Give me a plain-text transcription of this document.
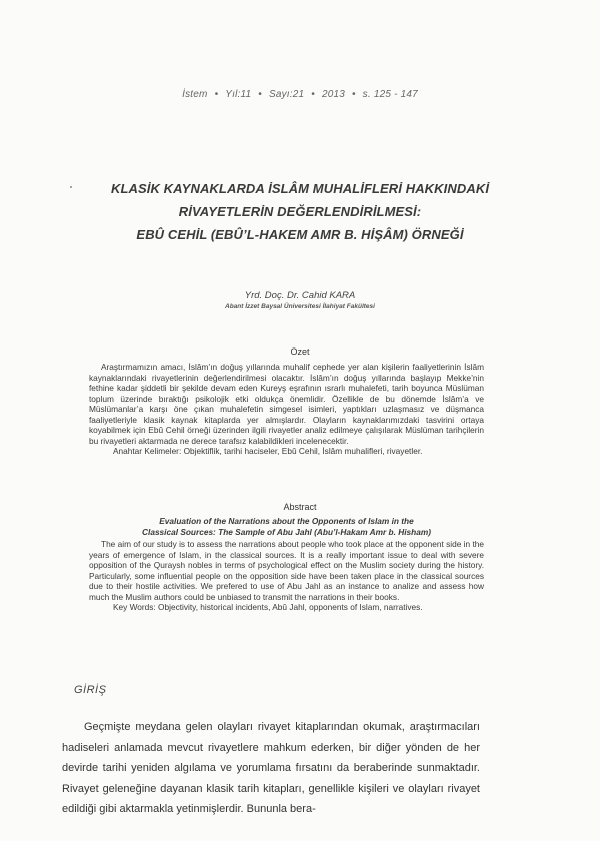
İstem • Yıl:11 • Sayı:21 • 2013 • s. 125 - 147
KLASİK KAYNAKLARDA İSLÂM MUHALİFLERİ HAKKINDAKİ
RİVAYETLERİN DEĞERLENDİRİLMESİ:
EBÛ CEHİL (EBÛ’L-HAKEM AMR B. HİŞÂM) ÖRNEĞİ
Yrd. Doç. Dr. Cahid KARA
Abant İzzet Baysal Üniversitesi İlahiyat Fakültesi
Özet

Araştırmamızın amacı, İslâm’ın doğuş yıllarında muhalif cephede yer alan kişilerin faaliyetlerinin İslâm kaynaklarındaki rivayetlerinin değerlendirilmesi olacaktır. İslâm’ın doğuş yıllarında başlayıp Mekke’nin fethine kadar şiddetli bir şekilde devam eden Kureyş eşrafının ısrarlı muhalefeti, tarih boyunca Müslüman toplum üzerinde bıraktığı psikolojik etki oldukça önemlidir. Özellikle de bu dönemde İslâm’a ve Müslümanlar’a karşı öne çıkan muhalefetin simgesel isimleri, yaptıkları uzlaşmasız ve düşmanca faaliyetleriyle klasik kaynak kitaplarda yer almışlardır. Olayların kaynaklarımızdaki tasvirini ortaya koyabilmek için Ebû Cehil örneği üzerinden ilgili rivayetler analiz edilmeye çalışılarak Müslüman tarihçilerin bu rivayetleri aktarmada ne derece tarafsız kalabildikleri incelenecektir.

Anahtar Kelimeler: Objektiflik, tarihi haciseler, Ebû Cehil, İslâm muhalifleri, rivayetler.

Abstract
Evaluation of the Narrations about the Opponents of Islam in the
Classical Sources: The Sample of Abu Jahl (Abu’l-Hakam Amr b. Hisham)

The aim of our study is to assess the narrations about people who took place at the opponent side in the years of emergence of Islam, in the classical sources. It is a really important issue to deal with severe opposition of the Quraysh nobles in terms of psychological effect on the Muslim society during the history. Particularly, some influential people on the opposition side have been taken place in the classical sources due to their hostile activities. We prefered to use of Abu Jahl as an instance to analize and assess how much the Muslim authors could be unbiased to transmit the narrations in their books.

Key Words: Objectivity, historical incidents, Abû Jahl, opponents of Islam, narratives.

GİRİŞ

Geçmişte meydana gelen olayları rivayet kitaplarından okumak, araştırmacıları hadiseleri anlamada mevcut rivayetlere mahkum ederken, bir diğer yönden de her devirde tarihi yeniden algılama ve yorumlama fırsatını da beraberinde sunmaktadır. Rivayet geleneğine dayanan klasik tarih kitapları, genellikle kişileri ve olayları rivayet edildiği gibi aktarmakla yetinmişlerdir. Bununla bera-
